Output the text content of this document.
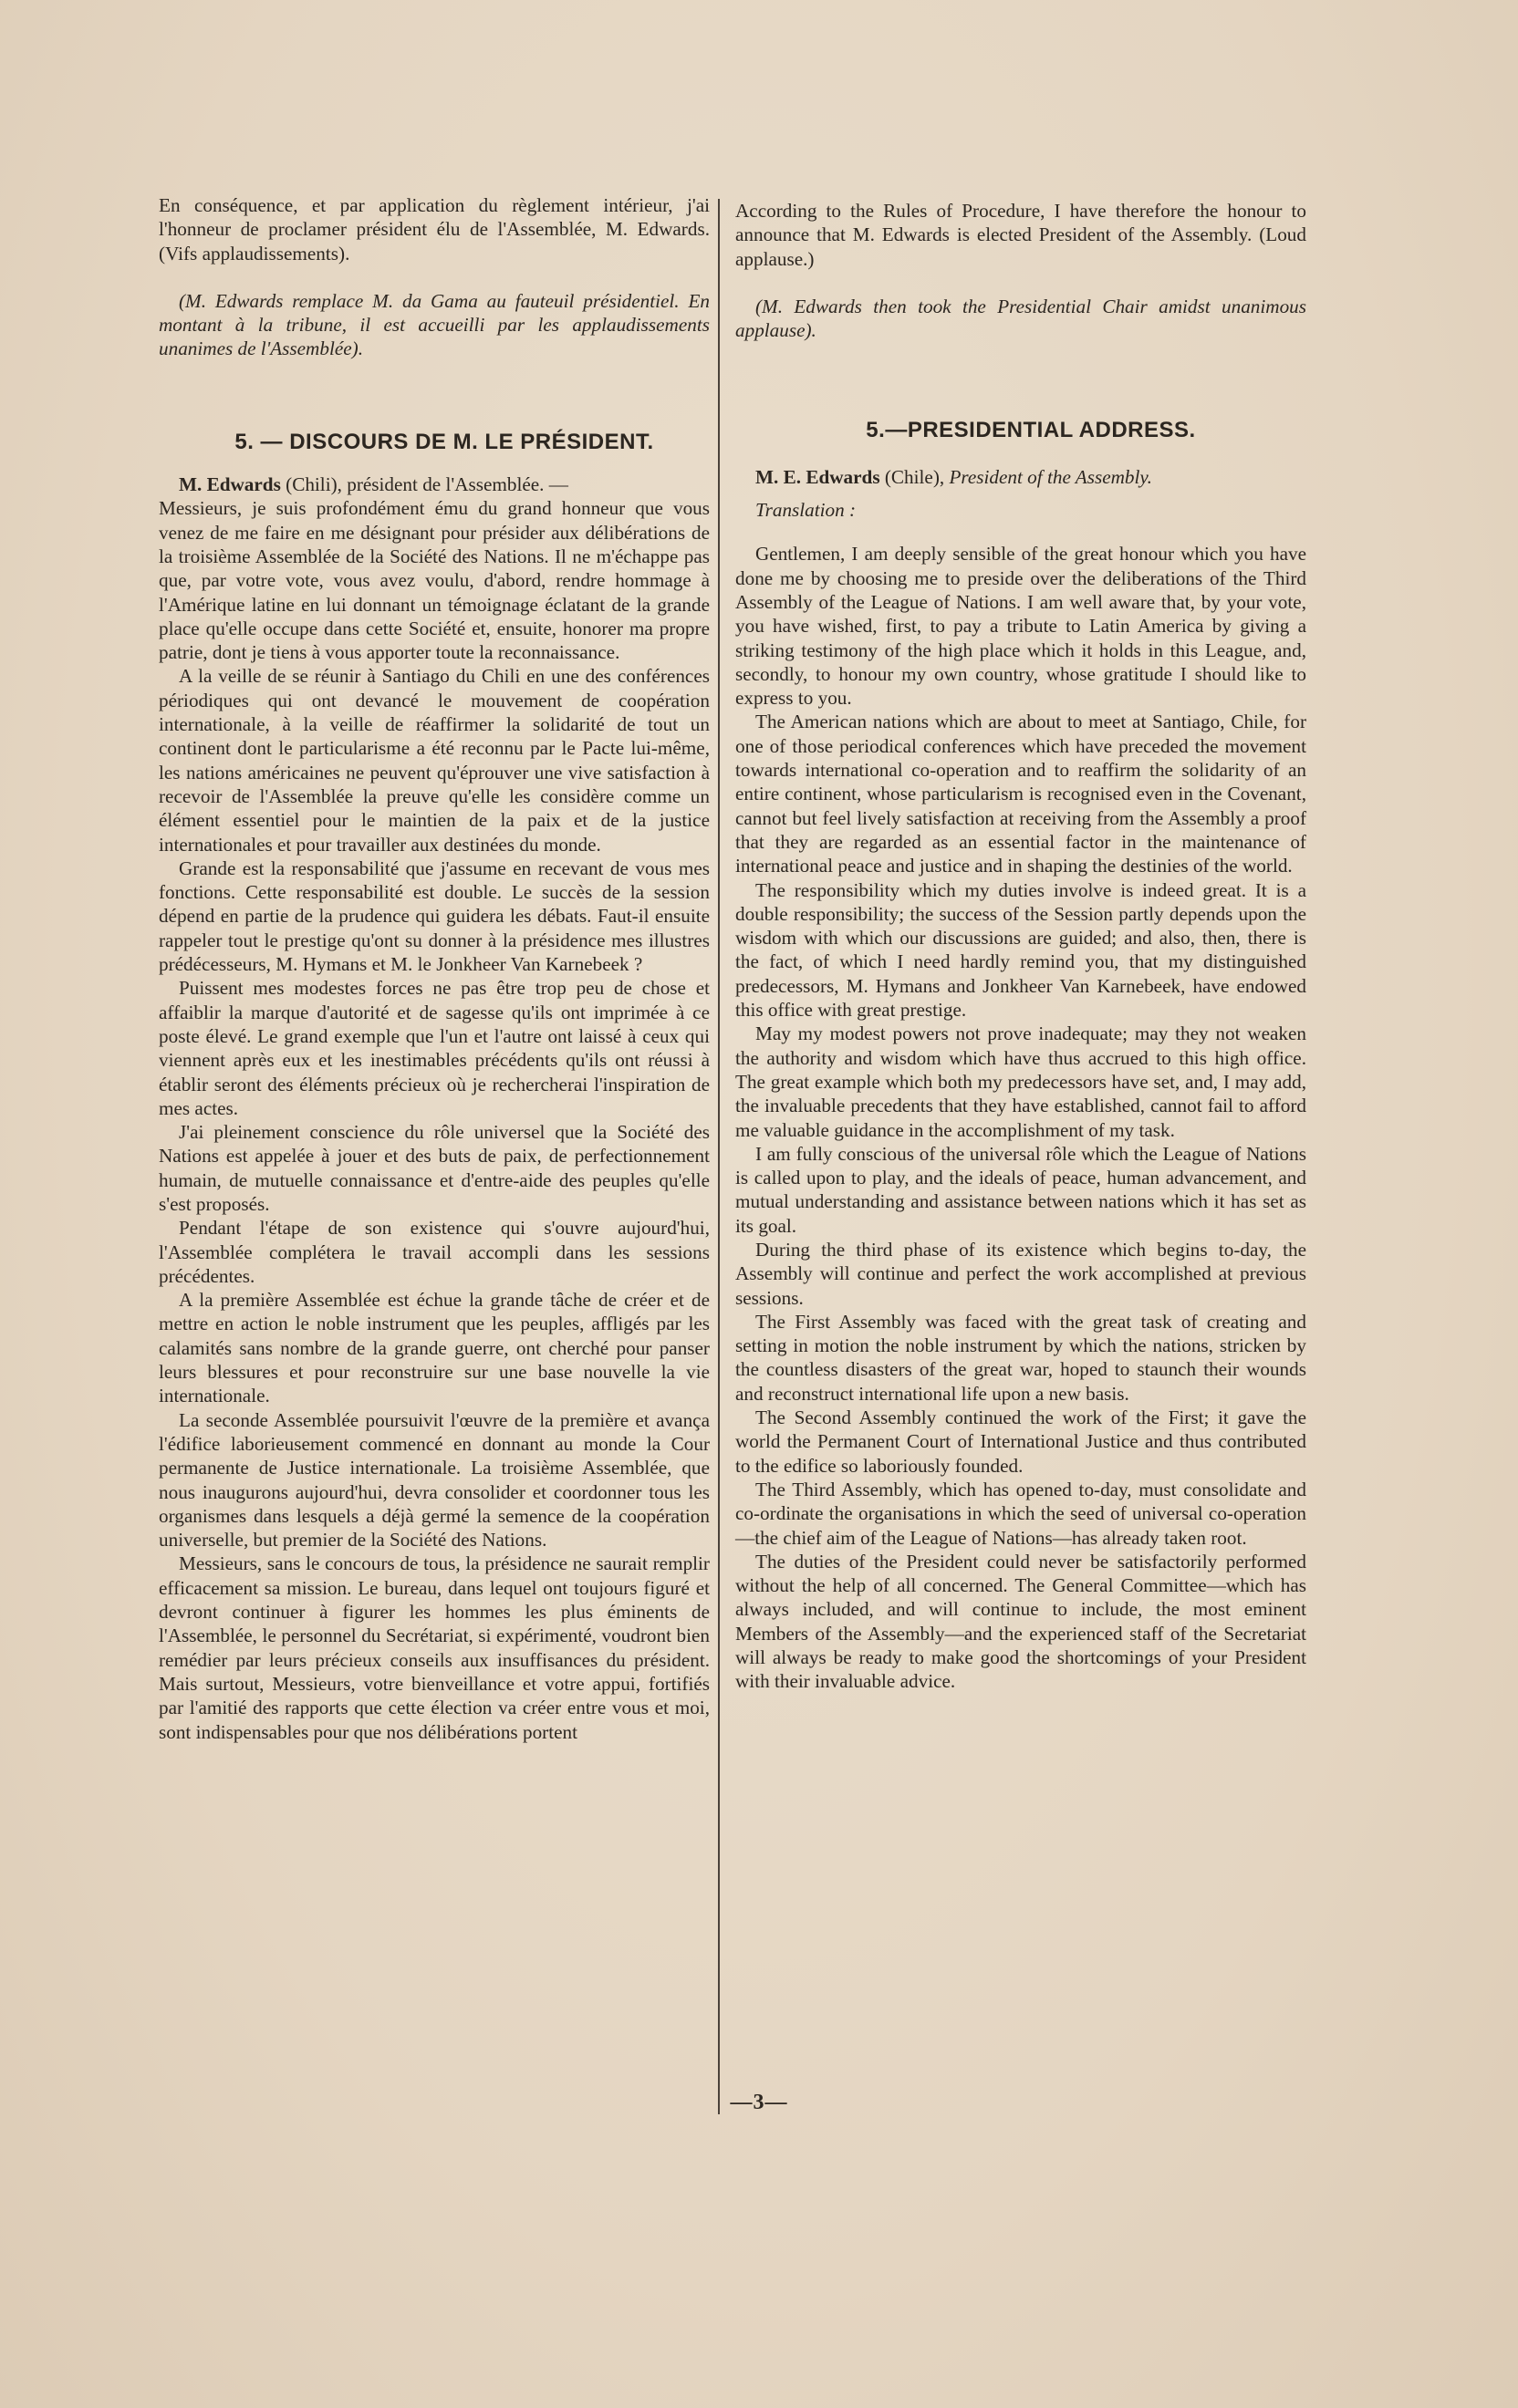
En conséquence, et par application du règlement intérieur, j'ai l'honneur de proclamer président élu de l'Assemblée, M. Edwards. (Vifs applaudissements).

(M. Edwards remplace M. da Gama au fauteuil présidentiel. En montant à la tribune, il est accueilli par les applaudissements unanimes de l'Assemblée).

5. — DISCOURS DE M. LE PRÉSIDENT.

M. Edwards (Chili), président de l'Assemblée. —

Messieurs, je suis profondément ému du grand honneur que vous venez de me faire en me désignant pour présider aux délibérations de la troisième Assemblée de la Société des Nations. Il ne m'échappe pas que, par votre vote, vous avez voulu, d'abord, rendre hommage à l'Amérique latine en lui donnant un témoignage éclatant de la grande place qu'elle occupe dans cette Société et, ensuite, honorer ma propre patrie, dont je tiens à vous apporter toute la reconnaissance.

A la veille de se réunir à Santiago du Chili en une des conférences périodiques qui ont devancé le mouvement de coopération internationale, à la veille de réaffirmer la solidarité de tout un continent dont le particularisme a été reconnu par le Pacte lui-même, les nations américaines ne peuvent qu'éprouver une vive satisfaction à recevoir de l'Assemblée la preuve qu'elle les considère comme un élément essentiel pour le maintien de la paix et de la justice internationales et pour travailler aux destinées du monde.

Grande est la responsabilité que j'assume en recevant de vous mes fonctions. Cette responsabilité est double. Le succès de la session dépend en partie de la prudence qui guidera les débats. Faut-il ensuite rappeler tout le prestige qu'ont su donner à la présidence mes illustres prédécesseurs, M. Hymans et M. le Jonkheer Van Karnebeek ?

Puissent mes modestes forces ne pas être trop peu de chose et affaiblir la marque d'autorité et de sagesse qu'ils ont imprimée à ce poste élevé. Le grand exemple que l'un et l'autre ont laissé à ceux qui viennent après eux et les inestimables précédents qu'ils ont réussi à établir seront des éléments précieux où je rechercherai l'inspiration de mes actes.

J'ai pleinement conscience du rôle universel que la Société des Nations est appelée à jouer et des buts de paix, de perfectionnement humain, de mutuelle connaissance et d'entre-aide des peuples qu'elle s'est proposés.

Pendant l'étape de son existence qui s'ouvre aujourd'hui, l'Assemblée complétera le travail accompli dans les sessions précédentes.

A la première Assemblée est échue la grande tâche de créer et de mettre en action le noble instrument que les peuples, affligés par les calamités sans nombre de la grande guerre, ont cherché pour panser leurs blessures et pour reconstruire sur une base nouvelle la vie internationale.

La seconde Assemblée poursuivit l'œuvre de la première et avança l'édifice laborieusement commencé en donnant au monde la Cour permanente de Justice internationale. La troisième Assemblée, que nous inaugurons aujourd'hui, devra consolider et coordonner tous les organismes dans lesquels a déjà germé la semence de la coopération universelle, but premier de la Société des Nations.

Messieurs, sans le concours de tous, la présidence ne saurait remplir efficacement sa mission. Le bureau, dans lequel ont toujours figuré et devront continuer à figurer les hommes les plus éminents de l'Assemblée, le personnel du Secrétariat, si expérimenté, voudront bien remédier par leurs précieux conseils aux insuffisances du président. Mais surtout, Messieurs, votre bienveillance et votre appui, fortifiés par l'amitié des rapports que cette élection va créer entre vous et moi, sont indispensables pour que nos délibérations portent

According to the Rules of Procedure, I have therefore the honour to announce that M. Edwards is elected President of the Assembly. (Loud applause.)

(M. Edwards then took the Presidential Chair amidst unanimous applause).

5.—PRESIDENTIAL ADDRESS.

M. E. Edwards (Chile), President of the Assembly.

Translation :

Gentlemen, I am deeply sensible of the great honour which you have done me by choosing me to preside over the deliberations of the Third Assembly of the League of Nations. I am well aware that, by your vote, you have wished, first, to pay a tribute to Latin America by giving a striking testimony of the high place which it holds in this League, and, secondly, to honour my own country, whose gratitude I should like to express to you.

The American nations which are about to meet at Santiago, Chile, for one of those periodical conferences which have preceded the movement towards international co-operation and to reaffirm the solidarity of an entire continent, whose particularism is recognised even in the Covenant, cannot but feel lively satisfaction at receiving from the Assembly a proof that they are regarded as an essential factor in the maintenance of international peace and justice and in shaping the destinies of the world.

The responsibility which my duties involve is indeed great. It is a double responsibility; the success of the Session partly depends upon the wisdom with which our discussions are guided; and also, then, there is the fact, of which I need hardly remind you, that my distinguished predecessors, M. Hymans and Jonkheer Van Karnebeek, have endowed this office with great prestige.

May my modest powers not prove inadequate; may they not weaken the authority and wisdom which have thus accrued to this high office. The great example which both my predecessors have set, and, I may add, the invaluable precedents that they have established, cannot fail to afford me valuable guidance in the accomplishment of my task.

I am fully conscious of the universal rôle which the League of Nations is called upon to play, and the ideals of peace, human advancement, and mutual understanding and assistance between nations which it has set as its goal.

During the third phase of its existence which begins to-day, the Assembly will continue and perfect the work accomplished at previous sessions.

The First Assembly was faced with the great task of creating and setting in motion the noble instrument by which the nations, stricken by the countless disasters of the great war, hoped to staunch their wounds and reconstruct international life upon a new basis.

The Second Assembly continued the work of the First; it gave the world the Permanent Court of International Justice and thus contributed to the edifice so laboriously founded.

The Third Assembly, which has opened to-day, must consolidate and co-ordinate the organisations in which the seed of universal co-operation—the chief aim of the League of Nations—has already taken root.

The duties of the President could never be satisfactorily performed without the help of all concerned. The General Committee—which has always included, and will continue to include, the most eminent Members of the Assembly—and the experienced staff of the Secretariat will always be ready to make good the shortcomings of your President with their invaluable advice.

—3—
